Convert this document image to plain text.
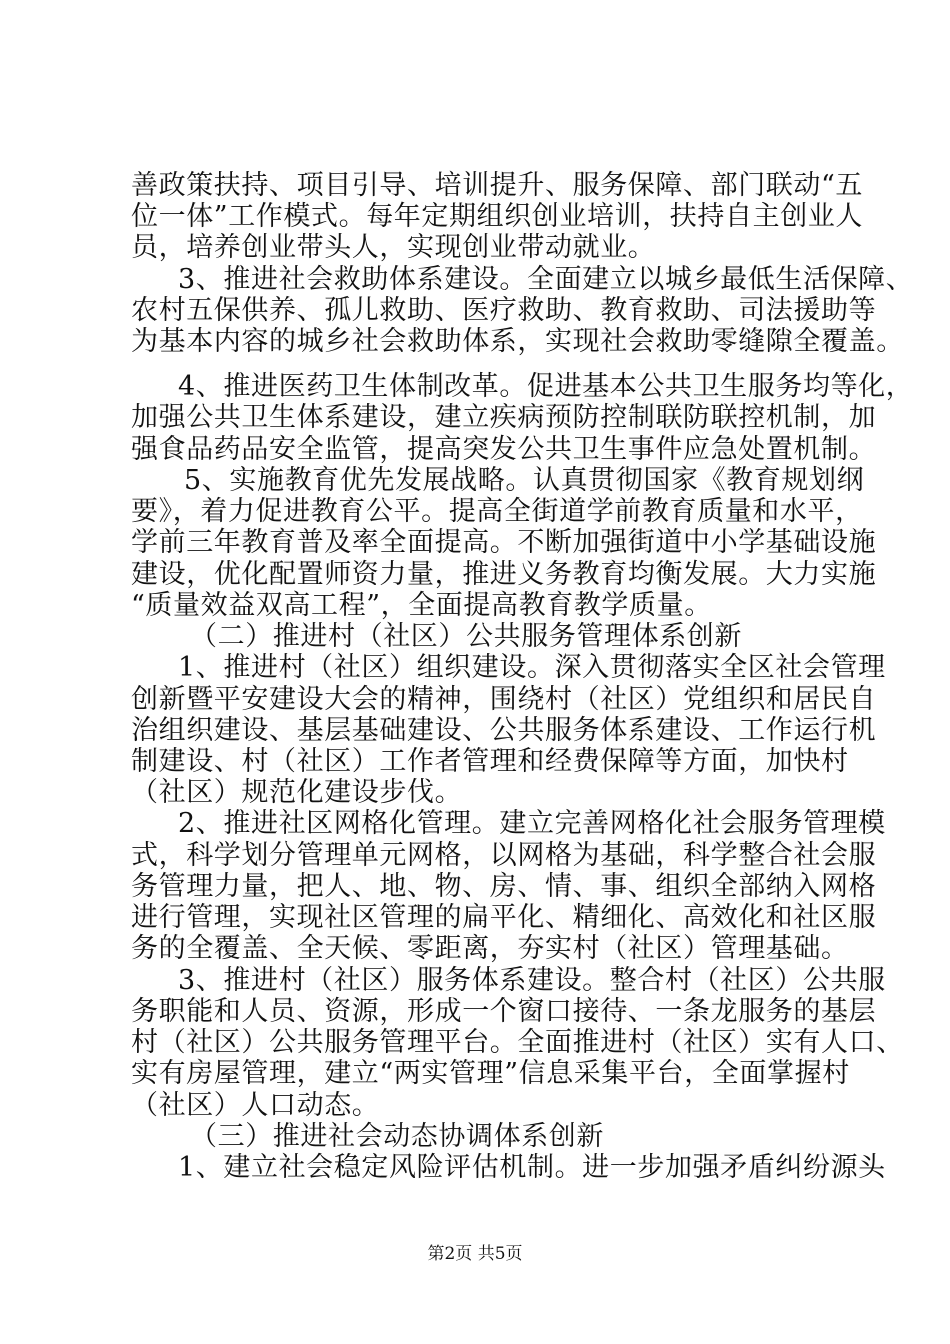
善政策扶持、项目引导、培训提升、服务保障、部门联动“五
位一体”工作模式。每年定期组织创业培训，扶持自主创业人
员，培养创业带头人，实现创业带动就业。
3、推进社会救助体系建设。全面建立以城乡最低生活保障、
农村五保供养、孤儿救助、医疗救助、教育救助、司法援助等
为基本内容的城乡社会救助体系，实现社会救助零缝隙全覆盖。
4、推进医药卫生体制改革。促进基本公共卫生服务均等化，
加强公共卫生体系建设，建立疾病预防控制联防联控机制，加
强食品药品安全监管，提高突发公共卫生事件应急处置机制。
5、实施教育优先发展战略。认真贯彻国家《教育规划纲
要》，着力促进教育公平。提高全街道学前教育质量和水平，
学前三年教育普及率全面提高。不断加强街道中小学基础设施
建设，优化配置师资力量，推进义务教育均衡发展。大力实施
“质量效益双高工程”，全面提高教育教学质量。
（二）推进村（社区）公共服务管理体系创新
1、推进村（社区）组织建设。深入贯彻落实全区社会管理
创新暨平安建设大会的精神，围绕村（社区）党组织和居民自
治组织建设、基层基础建设、公共服务体系建设、工作运行机
制建设、村（社区）工作者管理和经费保障等方面，加快村
（社区）规范化建设步伐。
2、推进社区网格化管理。建立完善网格化社会服务管理模
式，科学划分管理单元网格，以网格为基础，科学整合社会服
务管理力量，把人、地、物、房、情、事、组织全部纳入网格
进行管理，实现社区管理的扁平化、精细化、高效化和社区服
务的全覆盖、全天候、零距离，夯实村（社区）管理基础。
3、推进村（社区）服务体系建设。整合村（社区）公共服
务职能和人员、资源，形成一个窗口接待、一条龙服务的基层
村（社区）公共服务管理平台。全面推进村（社区）实有人口、
实有房屋管理，建立“两实管理”信息采集平台，全面掌握村
（社区）人口动态。
（三）推进社会动态协调体系创新
1、建立社会稳定风险评估机制。进一步加强矛盾纠纷源头
第2页 共5页
